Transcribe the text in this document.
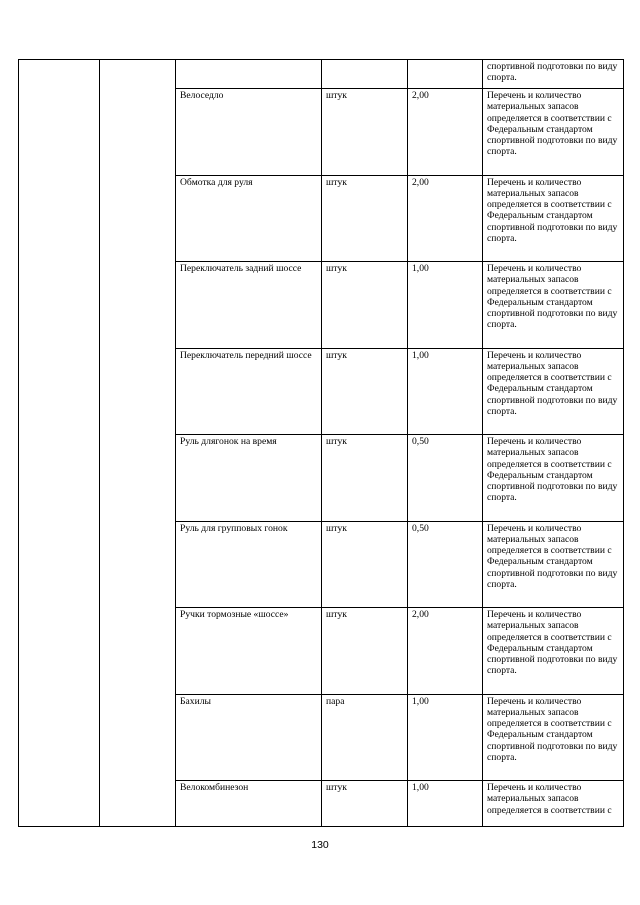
					спортивной подготовки по виду спорта.
		Велоседло	штук	2,00	Перечень и количество материальных запасов определяется в соответствии с Федеральным стандартом спортивной подготовки по виду спорта.
		Обмотка для руля	штук	2,00	Перечень и количество материальных запасов определяется в соответствии с Федеральным стандартом спортивной подготовки по виду спорта.
		Переключатель задний шоссе	штук	1,00	Перечень и количество материальных запасов определяется в соответствии с Федеральным стандартом спортивной подготовки по виду спорта.
		Переключатель передний шоссе	штук	1,00	Перечень и количество материальных запасов определяется в соответствии с Федеральным стандартом спортивной подготовки по виду спорта.
		Руль длягонок на время	штук	0,50	Перечень и количество материальных запасов определяется в соответствии с Федеральным стандартом спортивной подготовки по виду спорта.
		Руль для групповых гонок	штук	0,50	Перечень и количество материальных запасов определяется в соответствии с Федеральным стандартом спортивной подготовки по виду спорта.
		Ручки тормозные «шоссе»	штук	2,00	Перечень и количество материальных запасов определяется в соответствии с Федеральным стандартом спортивной подготовки по виду спорта.
		Бахилы	пара	1,00	Перечень и количество материальных запасов определяется в соответствии с Федеральным стандартом спортивной подготовки по виду спорта.
		Велокомбинезон	штук	1,00	Перечень и количество материальных запасов определяется в соответствии с
130
